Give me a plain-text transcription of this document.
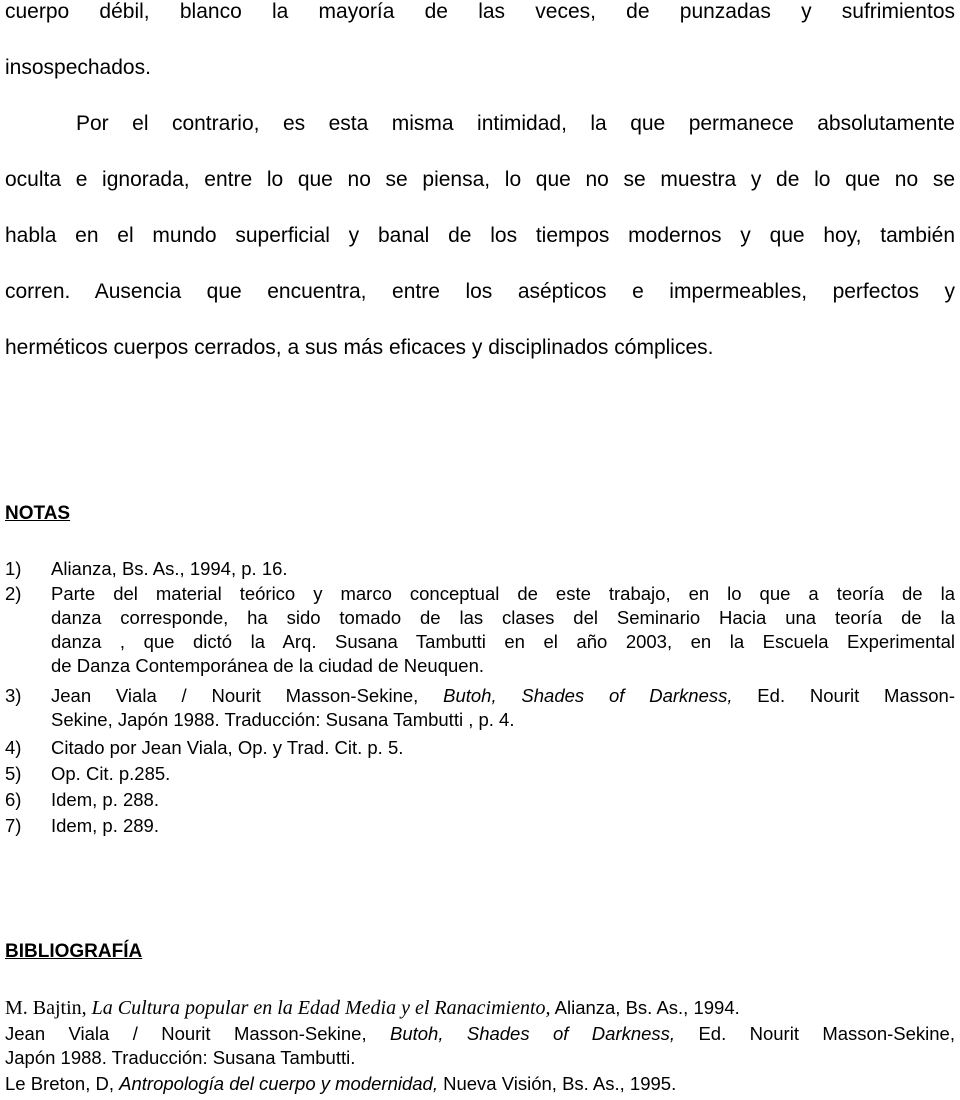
cuerpo débil, blanco la mayoría de las veces, de punzadas y sufrimientos
insospechados.
Por el contrario, es esta misma intimidad, la que permanece absolutamente
oculta e ignorada, entre lo que no se piensa, lo que no se muestra y de lo que no se
habla en el mundo superficial y banal de los tiempos modernos y que hoy, también
corren. Ausencia que encuentra, entre los asépticos e impermeables, perfectos y
herméticos cuerpos cerrados, a sus más eficaces y disciplinados cómplices.
NOTAS
1)	Alianza, Bs. As., 1994, p. 16.
2)	Parte del material teórico y marco conceptual de este trabajo, en lo que a teoría de la
danza corresponde, ha sido tomado de las clases del Seminario Hacia una teoría de la
danza , que dictó la Arq. Susana Tambutti en el año 2003, en la Escuela Experimental
de Danza Contemporánea de la ciudad de Neuquen.
3)	Jean Viala / Nourit Masson-Sekine, Butoh, Shades of Darkness, Ed. Nourit Masson-
Sekine, Japón 1988. Traducción: Susana Tambutti , p. 4.
4)	Citado por Jean Viala, Op. y Trad. Cit. p. 5.
5)	Op. Cit. p.285.
6)	Idem, p. 288.
7)	Idem, p. 289.
BIBLIOGRAFÍA
M. Bajtin, La Cultura popular en la Edad Media y el Ranacimiento, Alianza, Bs. As., 1994.
Jean Viala / Nourit Masson-Sekine, Butoh, Shades of Darkness, Ed. Nourit Masson-Sekine,
Japón 1988. Traducción: Susana Tambutti.
Le Breton, D, Antropología del cuerpo y modernidad, Nueva Visión, Bs. As., 1995.
